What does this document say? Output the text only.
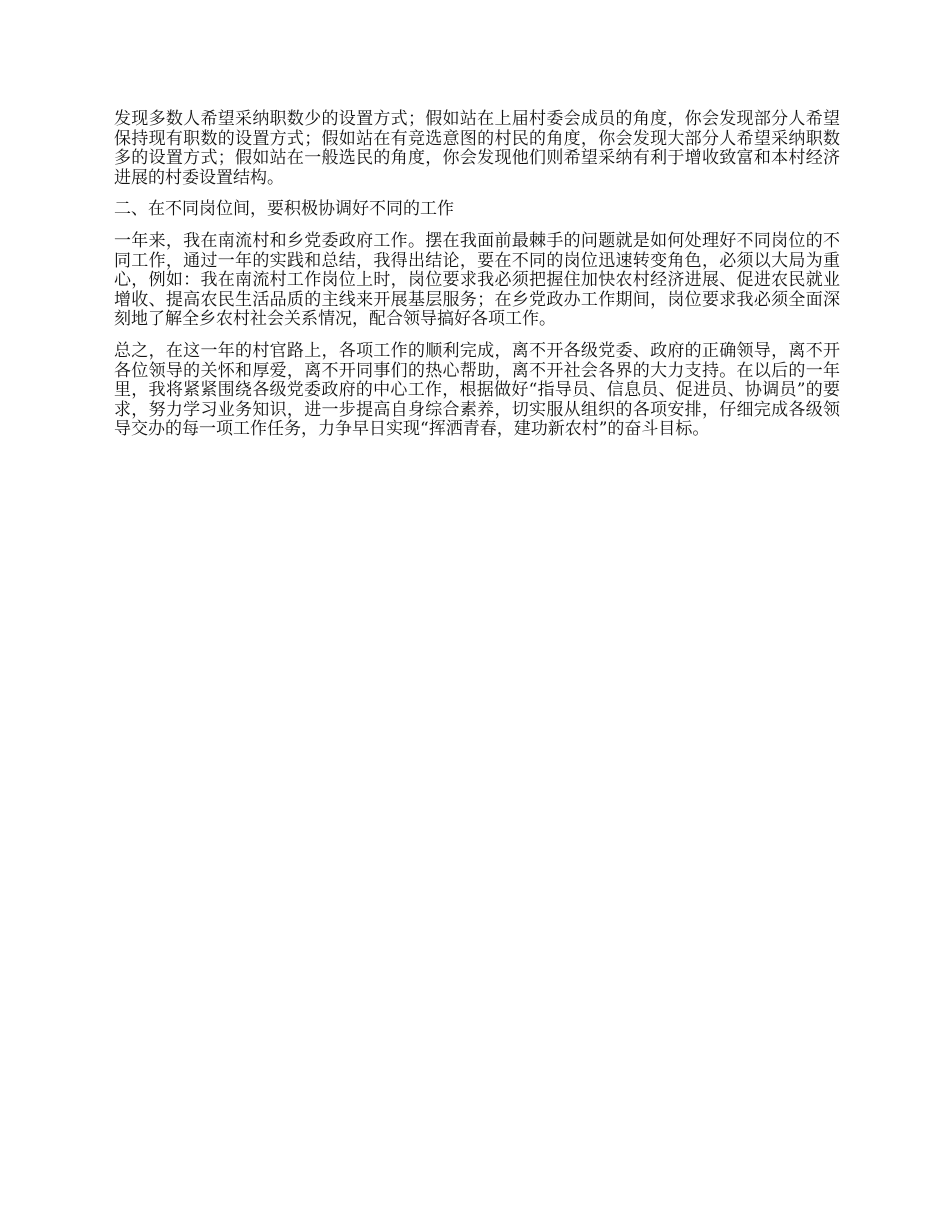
发现多数人希望采纳职数少的设置方式；假如站在上届村委会成员的角度，你会发现部分人希望保持现有职数的设置方式；假如站在有竞选意图的村民的角度，你会发现大部分人希望采纳职数多的设置方式；假如站在一般选民的角度，你会发现他们则希望采纳有利于增收致富和本村经济进展的村委设置结构。

二、在不同岗位间，要积极协调好不同的工作

一年来，我在南流村和乡党委政府工作。摆在我面前最棘手的问题就是如何处理好不同岗位的不同工作，通过一年的实践和总结，我得出结论，要在不同的岗位迅速转变角色，必须以大局为重心，例如：我在南流村工作岗位上时，岗位要求我必须把握住加快农村经济进展、促进农民就业增收、提高农民生活品质的主线来开展基层服务；在乡党政办工作期间，岗位要求我必须全面深刻地了解全乡农村社会关系情况，配合领导搞好各项工作。

总之，在这一年的村官路上，各项工作的顺利完成，离不开各级党委、政府的正确领导，离不开各位领导的关怀和厚爱，离不开同事们的热心帮助，离不开社会各界的大力支持。在以后的一年里，我将紧紧围绕各级党委政府的中心工作，根据做好“指导员、信息员、促进员、协调员”的要求，努力学习业务知识，进一步提高自身综合素养，切实服从组织的各项安排，仔细完成各级领导交办的每一项工作任务，力争早日实现“挥洒青春，建功新农村”的奋斗目标。
